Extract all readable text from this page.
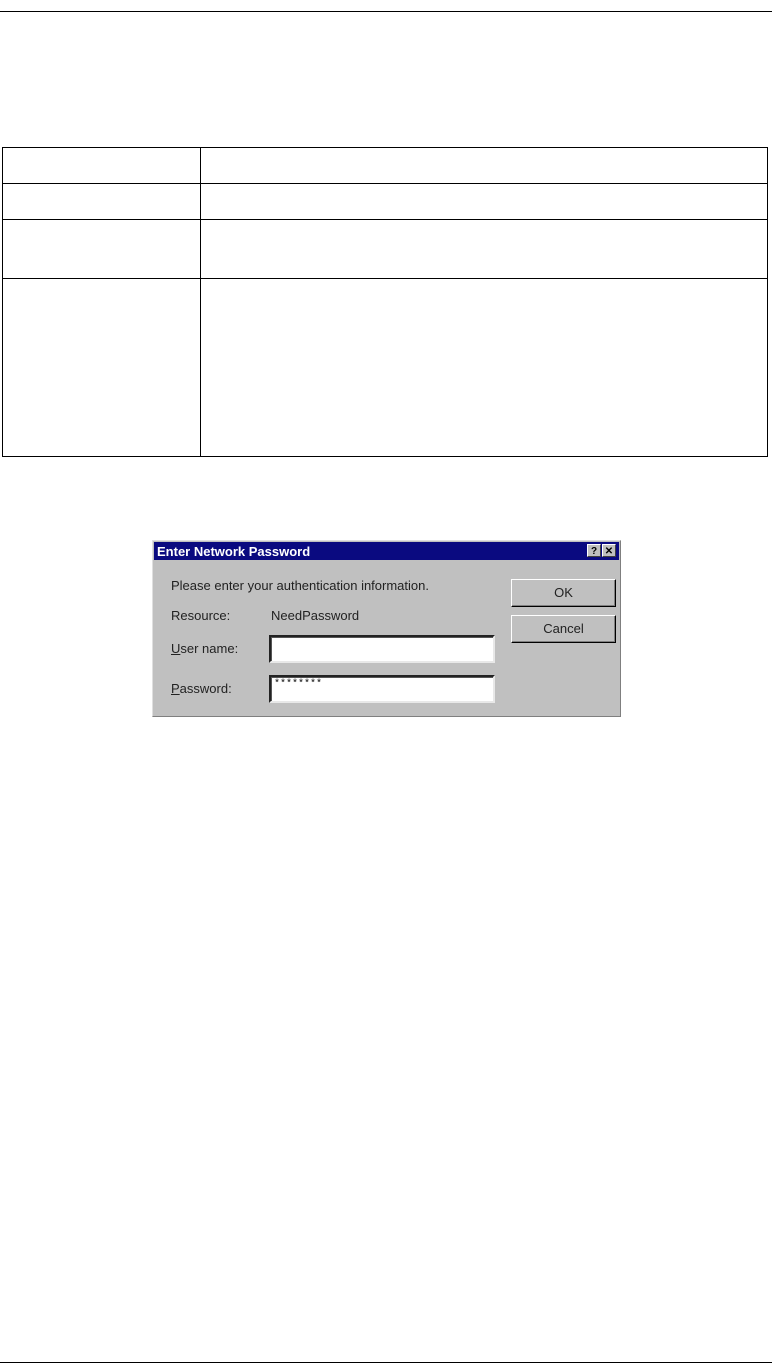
Enter Network Password	? ✕
Please enter your authentication information.
Resource:	NeedPassword
User name:
Password:	********
OK
Cancel
